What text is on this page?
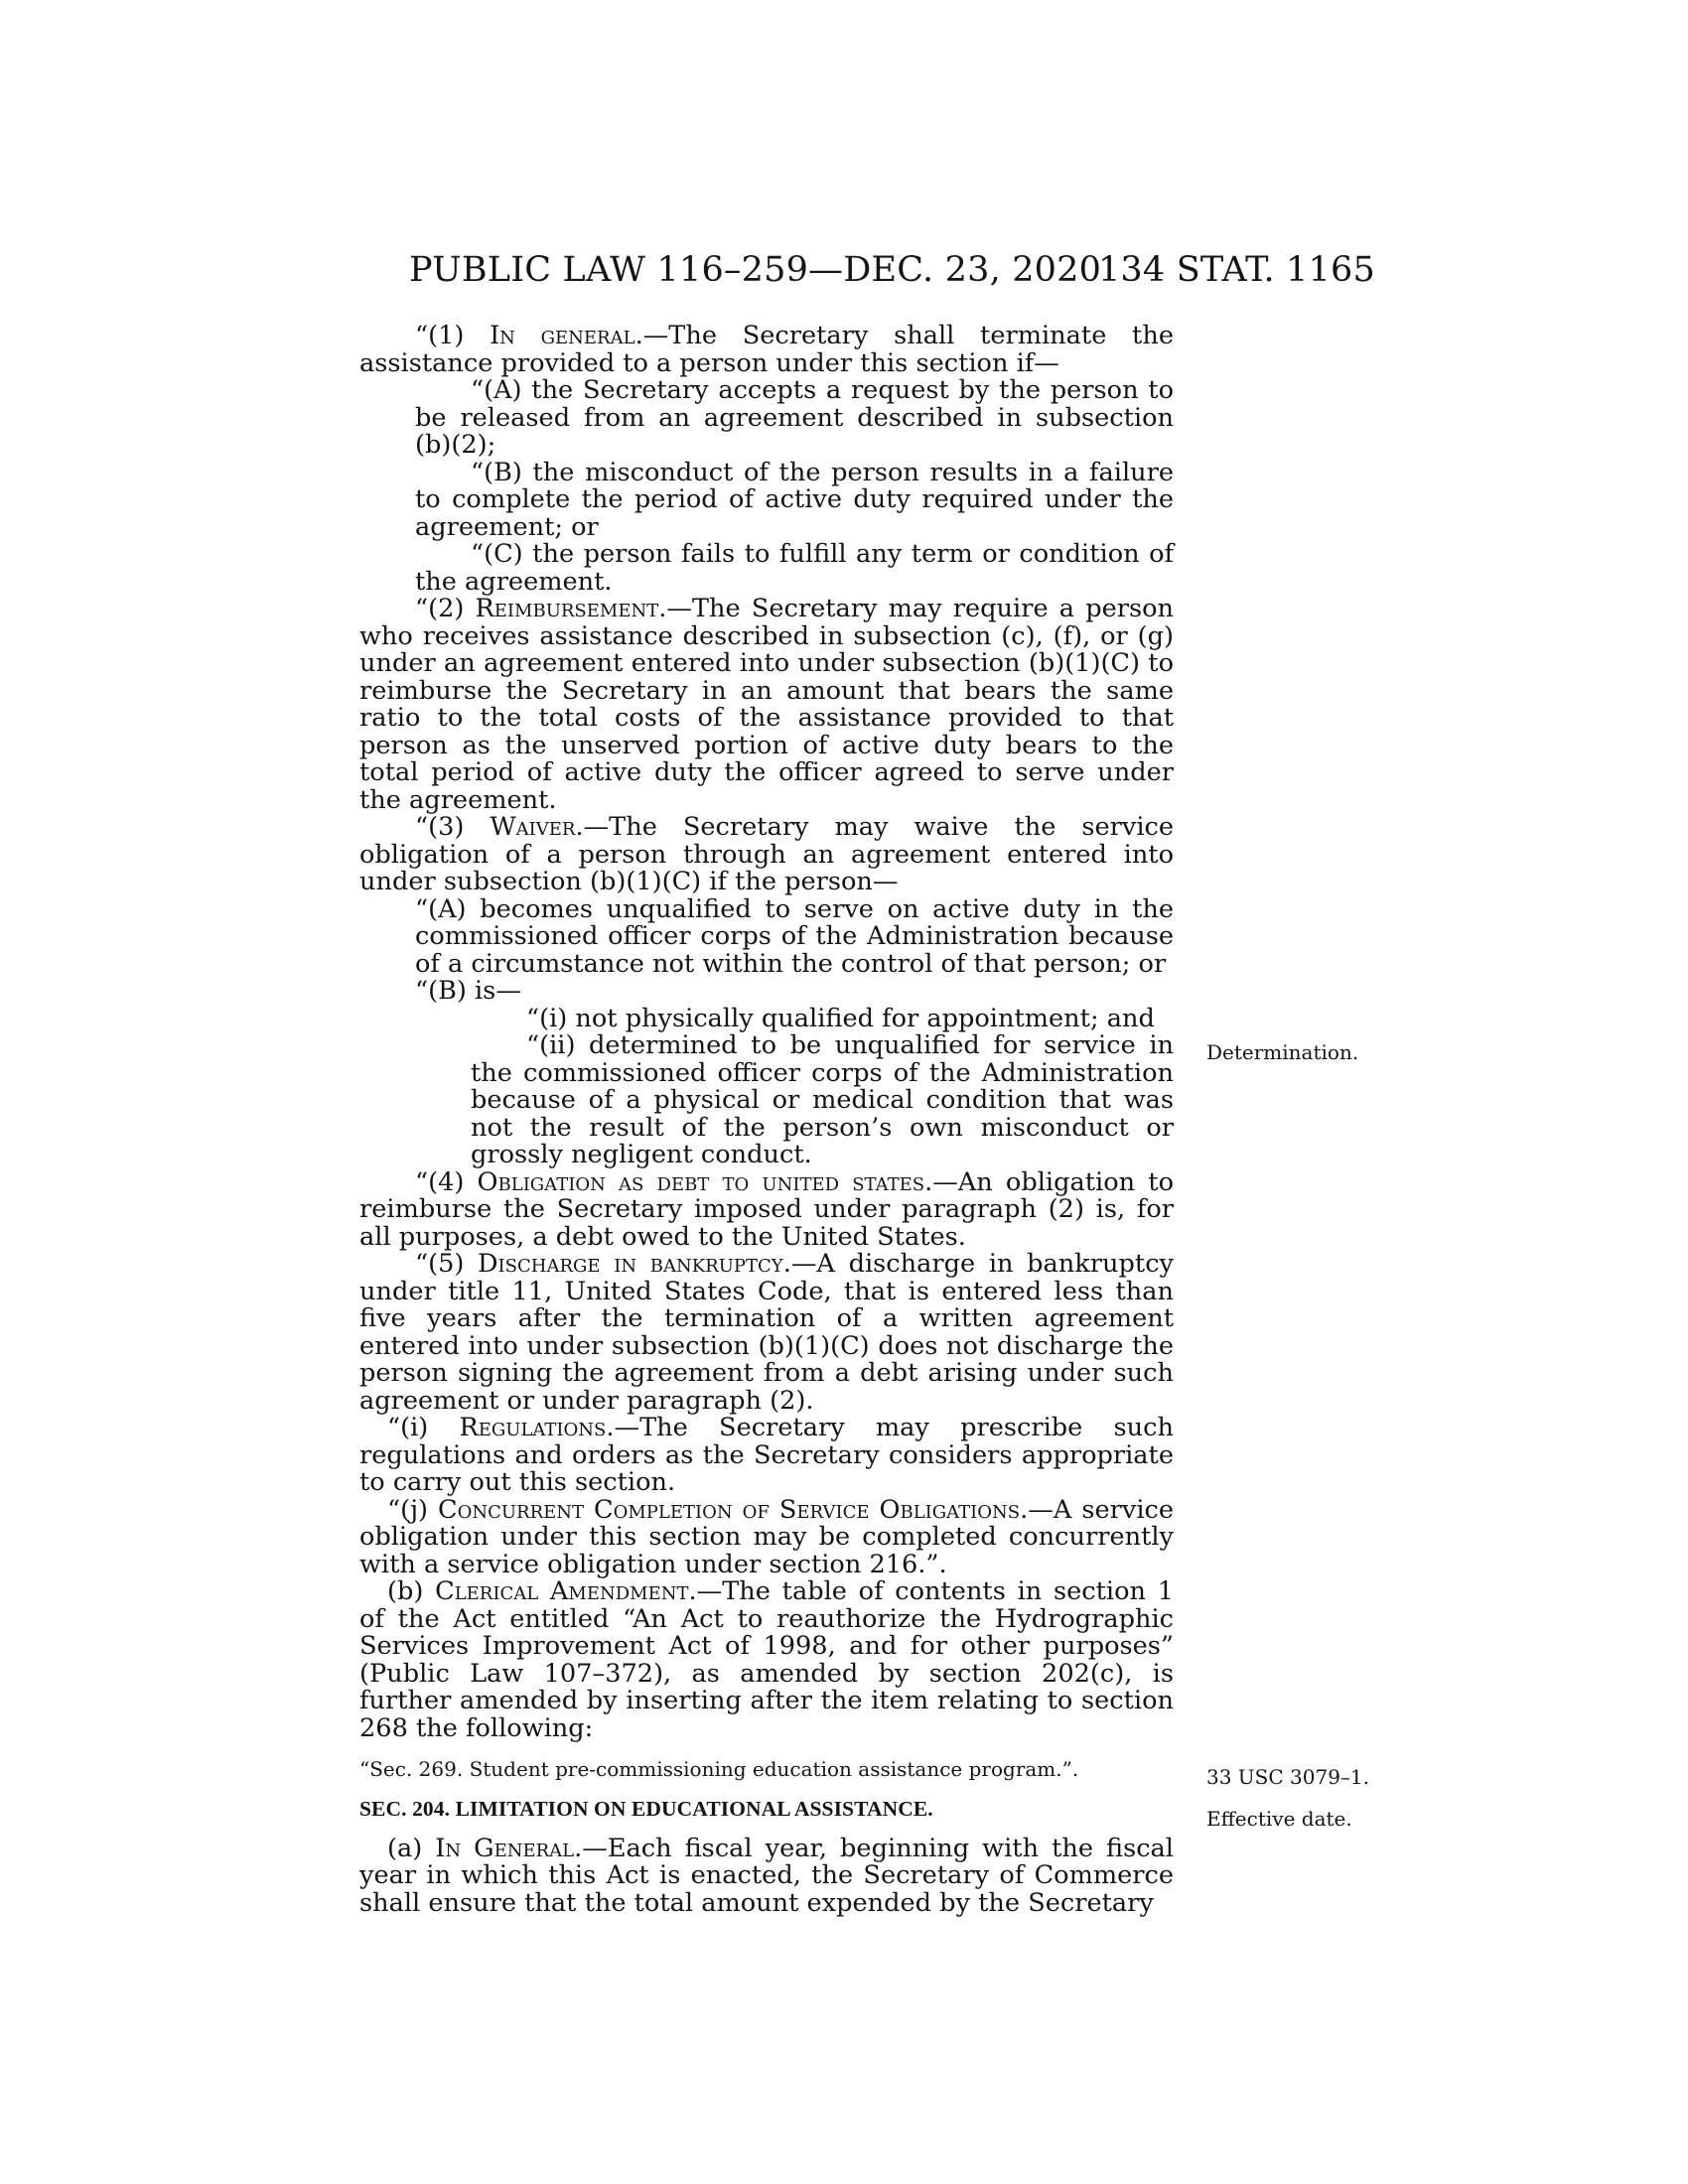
PUBLIC LAW 116–259—DEC. 23, 2020
134 STAT. 1165

“(1) In general.—The Secretary shall terminate the assistance provided to a person under this section if—

“(A) the Secretary accepts a request by the person to be released from an agreement described in subsection (b)(2);

“(B) the misconduct of the person results in a failure to complete the period of active duty required under the agreement; or

“(C) the person fails to fulfill any term or condition of the agreement.

“(2) Reimbursement.—The Secretary may require a person who receives assistance described in subsection (c), (f), or (g) under an agreement entered into under subsection (b)(1)(C) to reimburse the Secretary in an amount that bears the same ratio to the total costs of the assistance provided to that person as the unserved portion of active duty bears to the total period of active duty the officer agreed to serve under the agreement.

“(3) Waiver.—The Secretary may waive the service obligation of a person through an agreement entered into under subsection (b)(1)(C) if the person—

“(A) becomes unqualified to serve on active duty in the commissioned officer corps of the Administration because of a circumstance not within the control of that person; or

“(B) is—

“(i) not physically qualified for appointment; and

“(ii) determined to be unqualified for service in the commissioned officer corps of the Administration because of a physical or medical condition that was not the result of the person’s own misconduct or grossly negligent conduct.

“(4) Obligation as debt to united states.—An obligation to reimburse the Secretary imposed under paragraph (2) is, for all purposes, a debt owed to the United States.

“(5) Discharge in bankruptcy.—A discharge in bankruptcy under title 11, United States Code, that is entered less than five years after the termination of a written agreement entered into under subsection (b)(1)(C) does not discharge the person signing the agreement from a debt arising under such agreement or under paragraph (2).

“(i) Regulations.—The Secretary may prescribe such regulations and orders as the Secretary considers appropriate to carry out this section.

“(j) Concurrent Completion of Service Obligations.—A service obligation under this section may be completed concurrently with a service obligation under section 216.”.

(b) Clerical Amendment.—The table of contents in section 1 of the Act entitled “An Act to reauthorize the Hydrographic Services Improvement Act of 1998, and for other purposes” (Public Law 107–372), as amended by section 202(c), is further amended by inserting after the item relating to section 268 the following:

“Sec. 269. Student pre-commissioning education assistance program.”.

SEC. 204. LIMITATION ON EDUCATIONAL ASSISTANCE.

(a) In General.—Each fiscal year, beginning with the fiscal year in which this Act is enacted, the Secretary of Commerce shall ensure that the total amount expended by the Secretary

Determination.
33 USC 3079–1.
Effective date.
